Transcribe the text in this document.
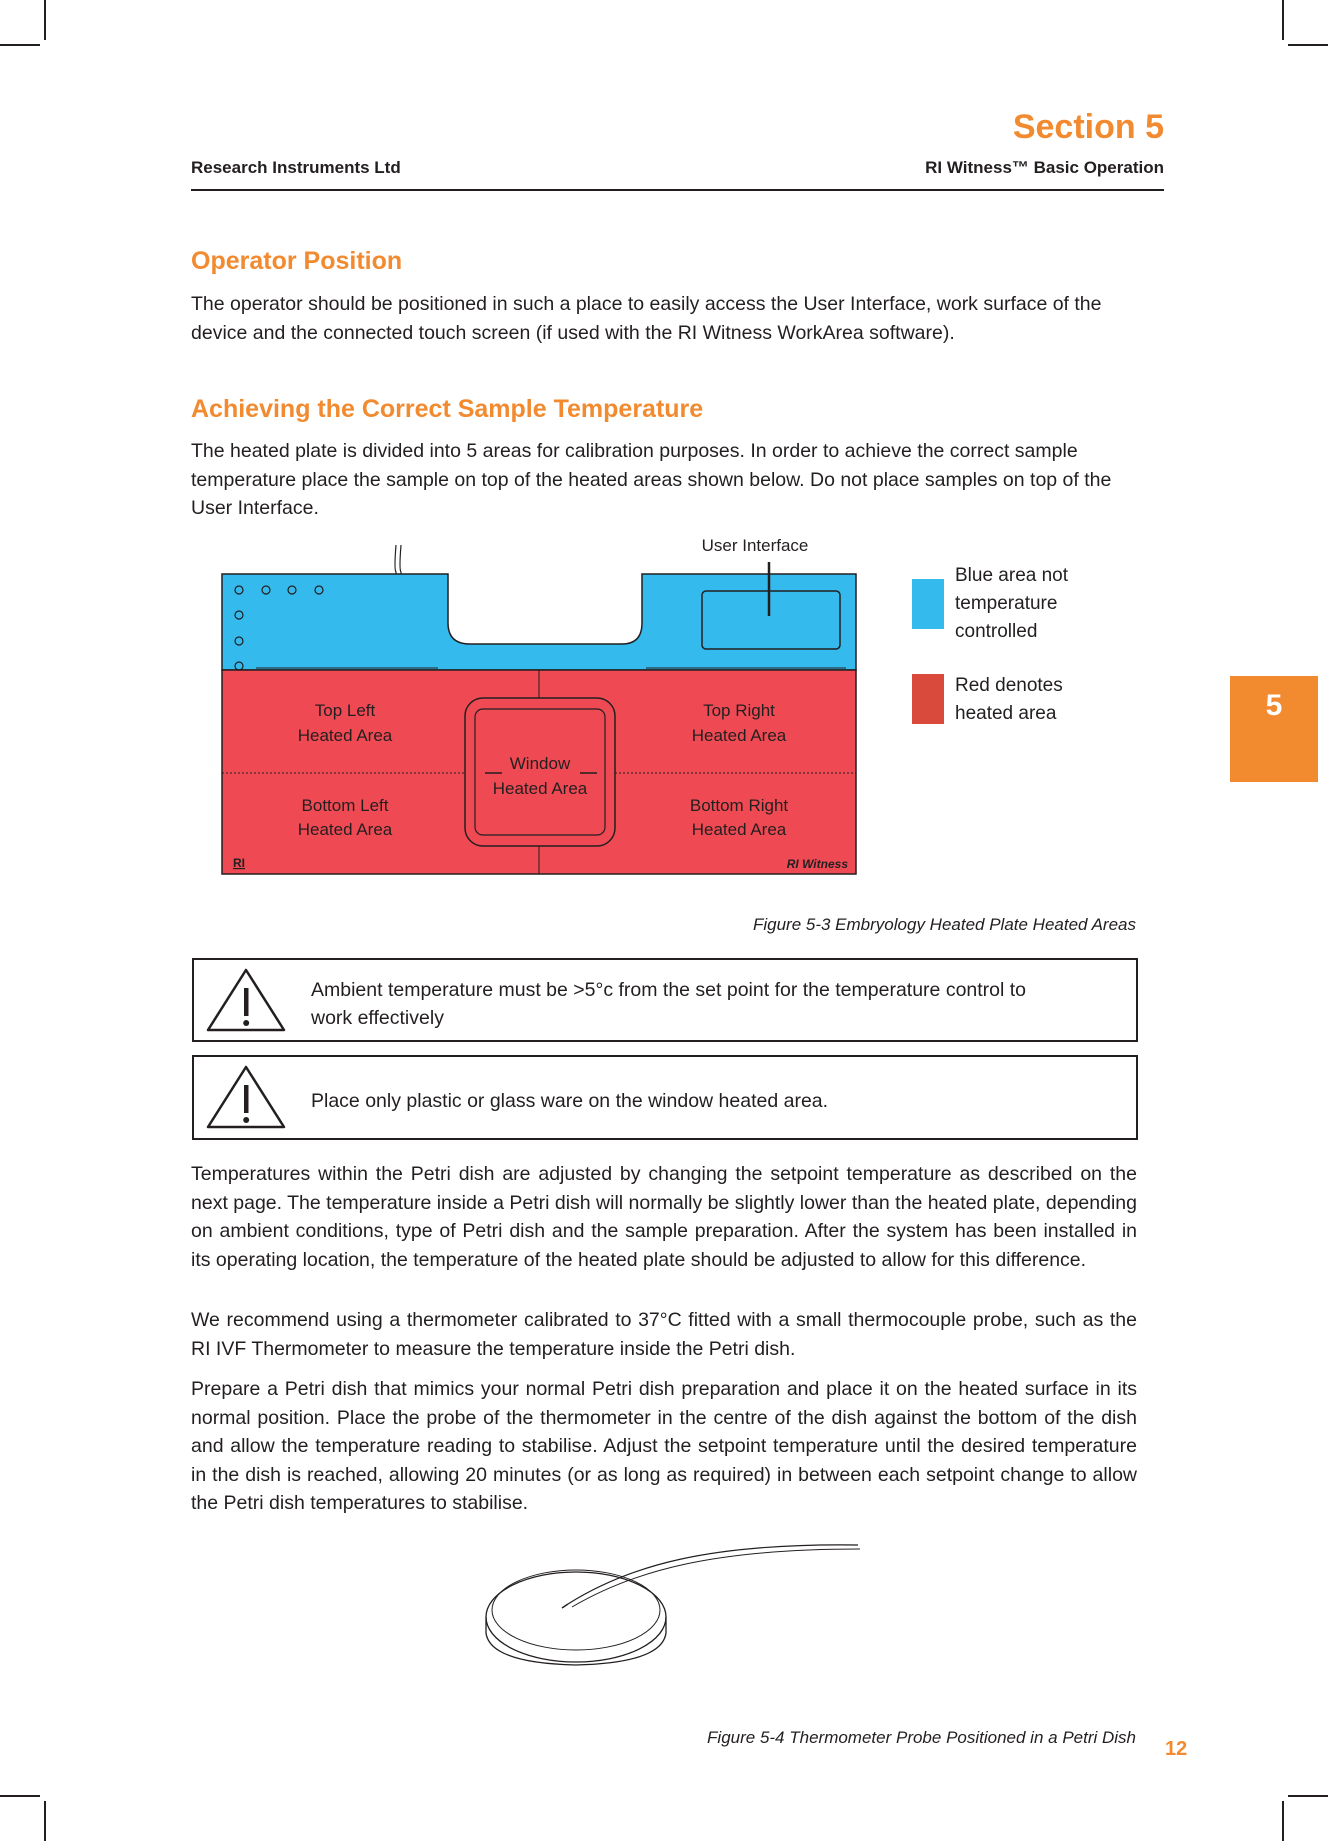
Section 5
Research Instruments Ltd	RI Witness™ Basic Operation
5
Operator Position

The operator should be positioned in such a place to easily access the User Interface, work surface of the device and the connected touch screen (if used with the RI Witness WorkArea software).

Achieving the Correct Sample Temperature

The heated plate is divided into 5 areas for calibration purposes. In order to achieve the correct sample temperature place the sample on top of the heated areas shown below. Do not place samples on top of the User Interface.

User Interface
Top Left
Heated Area
Top Right
Heated Area
Window
Heated Area
Bottom Left
Heated Area
Bottom Right
Heated Area
RI	RI Witness
Blue area not
temperature
controlled
Red denotes
heated area
Figure 5-3 Embryology Heated Plate Heated Areas
Ambient temperature must be >5°c from the set point for the temperature control to work effectively
Place only plastic or glass ware on the window heated area.

Temperatures within the Petri dish are adjusted by changing the setpoint temperature as described on the next page. The temperature inside a Petri dish will normally be slightly lower than the heated plate, depending on ambient conditions, type of Petri dish and the sample preparation. After the system has been installed in its operating location, the temperature of the heated plate should be adjusted to allow for this difference.

We recommend using a thermometer calibrated to 37°C fitted with a small thermocouple probe, such as the RI IVF Thermometer to measure the temperature inside the Petri dish.

Prepare a Petri dish that mimics your normal Petri dish preparation and place it on the heated surface in its normal position. Place the probe of the thermometer in the centre of the dish against the bottom of the dish and allow the temperature reading to stabilise. Adjust the setpoint temperature until the desired temperature in the dish is reached, allowing 20 minutes (or as long as required) in between each setpoint change to allow the Petri dish temperatures to stabilise.

Figure 5-4 Thermometer Probe Positioned in a Petri Dish
12
